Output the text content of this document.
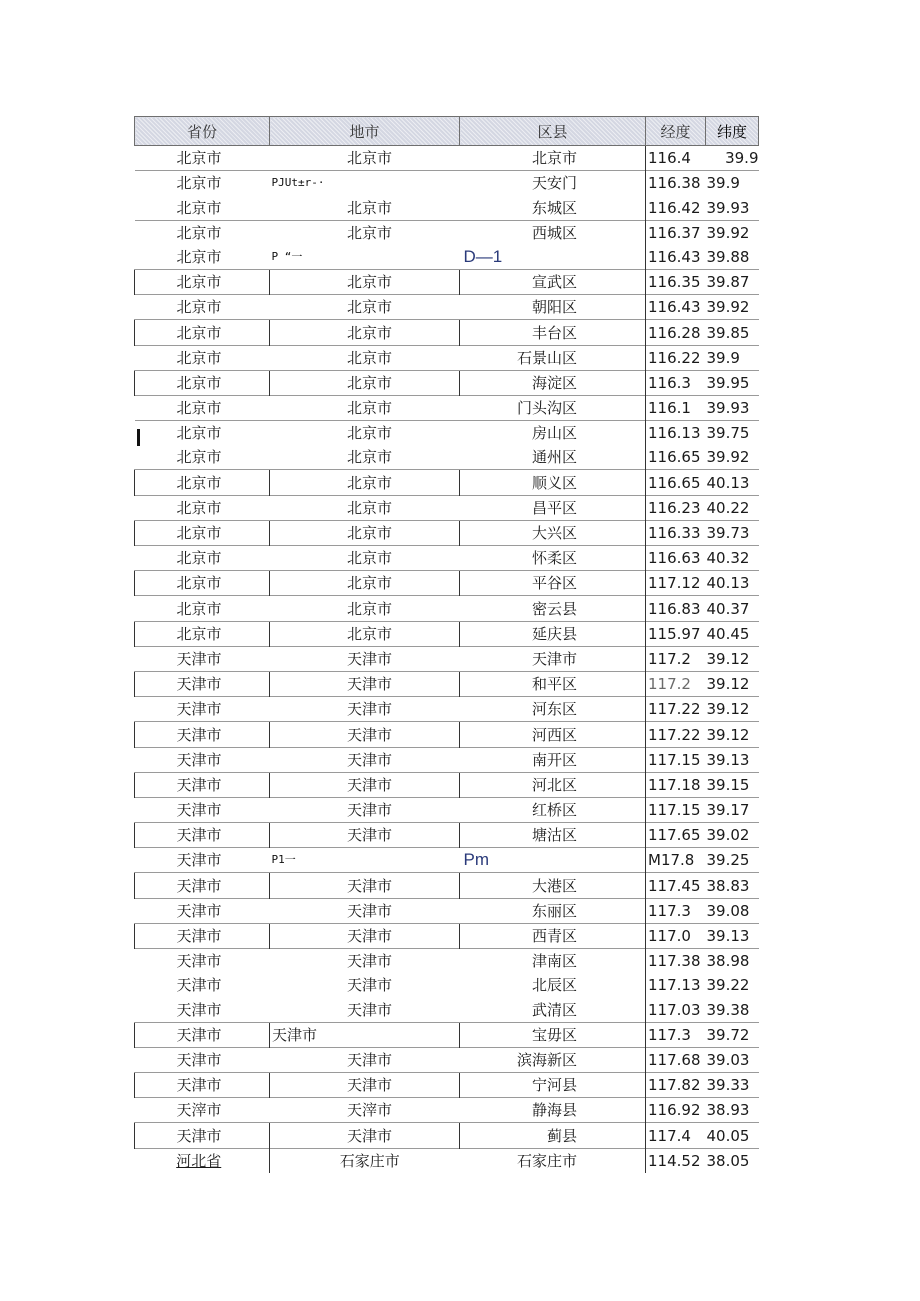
省份	地市	区县	经度	纬度
北京市	北京市	北京市	116.4	39.9
北京市	PJUt±r-·	天安门	116.38	39.9
北京市	北京市	东城区	116.42	39.93
北京市	北京市	西城区	116.37	39.92
北京市	P “一	D—1	116.43	39.88
北京市	北京市	宣武区	116.35	39.87
北京市	北京市	朝阳区	116.43	39.92
北京市	北京市	丰台区	116.28	39.85
北京市	北京市	石景山区	116.22	39.9
北京市	北京市	海淀区	116.3	39.95
北京市	北京市	门头沟区	116.1	39.93
北京市	北京市	房山区	116.13	39.75
北京市	北京市	通州区	116.65	39.92
北京市	北京市	顺义区	116.65	40.13
北京市	北京市	昌平区	116.23	40.22
北京市	北京市	大兴区	116.33	39.73
北京市	北京市	怀柔区	116.63	40.32
北京市	北京市	平谷区	117.12	40.13
北京市	北京市	密云县	116.83	40.37
北京市	北京市	延庆县	115.97	40.45
天津市	天津市	天津市	117.2	39.12
天津市	天津市	和平区	117.2	39.12
天津市	天津市	河东区	117.22	39.12
天津市	天津市	河西区	117.22	39.12
天津市	天津市	南开区	117.15	39.13
天津市	天津市	河北区	117.18	39.15
天津市	天津市	红桥区	117.15	39.17
天津市	天津市	塘沽区	117.65	39.02
天津市	P1一	Pm	M17.8	39.25
天津市	天津市	大港区	117.45	38.83
天津市	天津市	东丽区	117.3	39.08
天津市	天津市	西青区	117.0	39.13
天津市	天津市	津南区	117.38	38.98
天津市	天津市	北辰区	117.13	39.22
天津市	天津市	武清区	117.03	39.38
天津市	天津市	宝毋区	117.3	39.72
天津市	天津市	滨海新区	117.68	39.03
天津市	天津市	宁河县	117.82	39.33
天滓市	天滓市	静海县	116.92	38.93
天津市	天津市	蓟县	117.4	40.05
河北省	石家庄市	石家庄市	114.52	38.05
